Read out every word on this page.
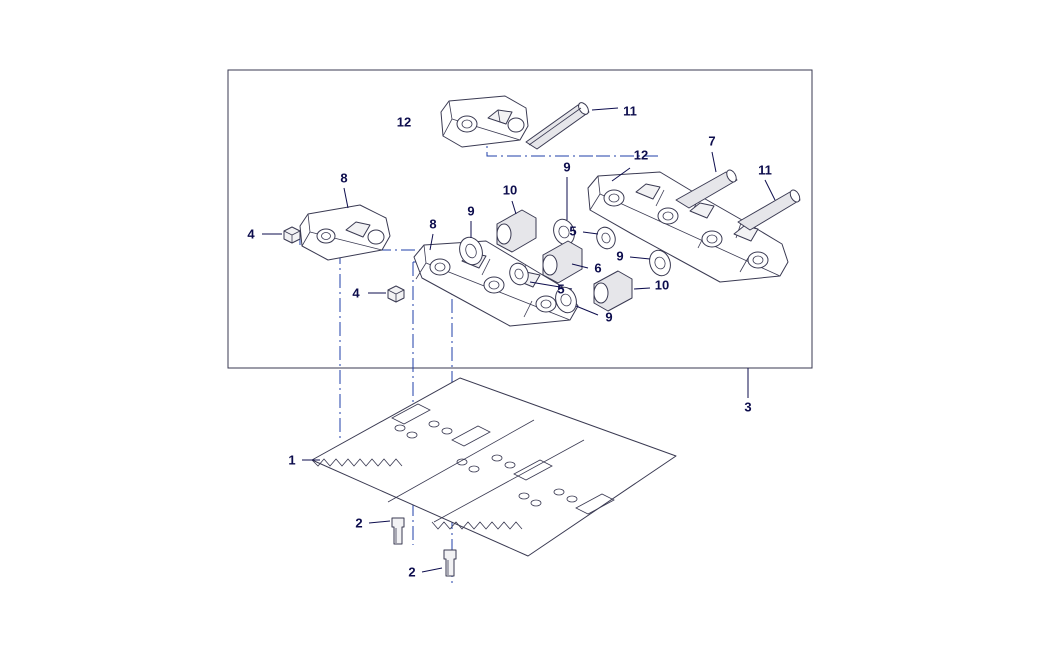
12
11
7
11
9
12
10
8
9
8
4	5
9
6
10
4	5
9
3
1
2
2
